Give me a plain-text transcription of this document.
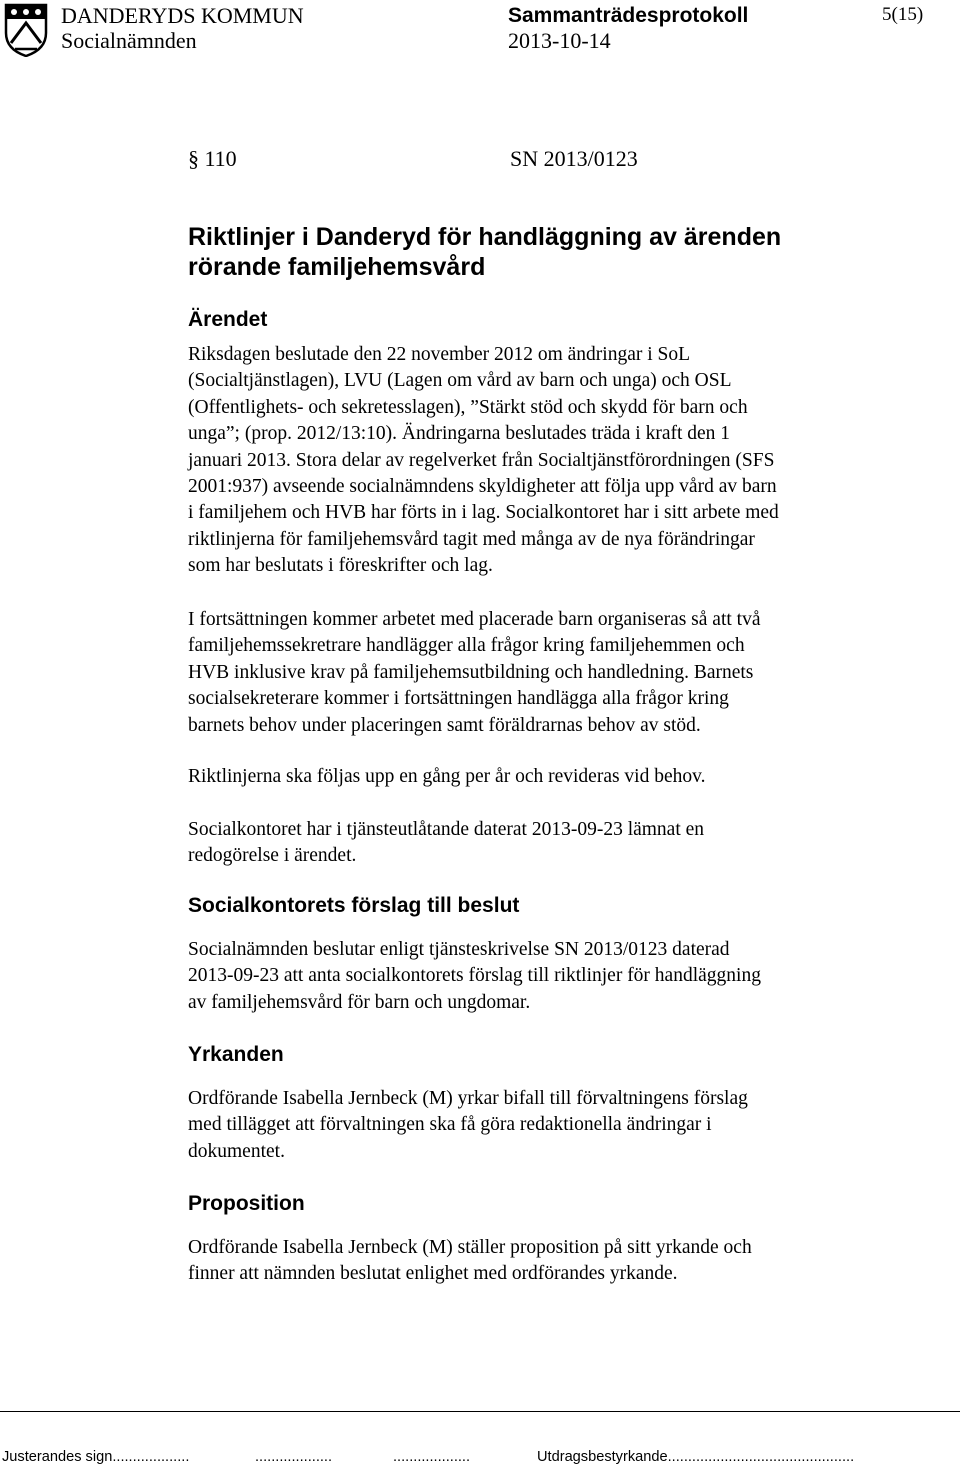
DANDERYDS KOMMUN
Socialnämnden
Sammanträdesprotokoll
2013-10-14
5(15)
§ 110	SN 2013/0123
Riktlinjer i Danderyd för handläggning av ärenden
rörande familjehemsvård
Ärendet
Riksdagen beslutade den 22 november 2012 om ändringar i SoL
(Socialtjänstlagen), LVU (Lagen om vård av barn och unga) och OSL
(Offentlighets- och sekretesslagen), ”Stärkt stöd och skydd för barn och
unga”; (prop. 2012/13:10). Ändringarna beslutades träda i kraft den 1
januari 2013. Stora delar av regelverket från Socialtjänstförordningen (SFS
2001:937) avseende socialnämndens skyldigheter att följa upp vård av barn
i familjehem och HVB har förts in i lag. Socialkontoret har i sitt arbete med
riktlinjerna för familjehemsvård tagit med många av de nya förändringar
som har beslutats i föreskrifter och lag.
I fortsättningen kommer arbetet med placerade barn organiseras så att två
familjehemssekretrare handlägger alla frågor kring familjehemmen och
HVB inklusive krav på familjehemsutbildning och handledning. Barnets
socialsekreterare kommer i fortsättningen handlägga alla frågor kring
barnets behov under placeringen samt föräldrarnas behov av stöd.
Riktlinjerna ska följas upp en gång per år och revideras vid behov.
Socialkontoret har i tjänsteutlåtande daterat 2013-09-23 lämnat en
redogörelse i ärendet.
Socialkontorets förslag till beslut
Socialnämnden beslutar enligt tjänsteskrivelse SN 2013/0123 daterad
2013-09-23 att anta socialkontorets förslag till riktlinjer för handläggning
av familjehemsvård för barn och ungdomar.
Yrkanden
Ordförande Isabella Jernbeck (M) yrkar bifall till förvaltningens förslag
med tillägget att förvaltningen ska få göra redaktionella ändringar i
dokumentet.
Proposition
Ordförande Isabella Jernbeck (M) ställer proposition på sitt yrkande och
finner att nämnden beslutat enlighet med ordförandes yrkande.
Justerandes sign...................	...................	...................	Utdragsbestyrkande..............................................
